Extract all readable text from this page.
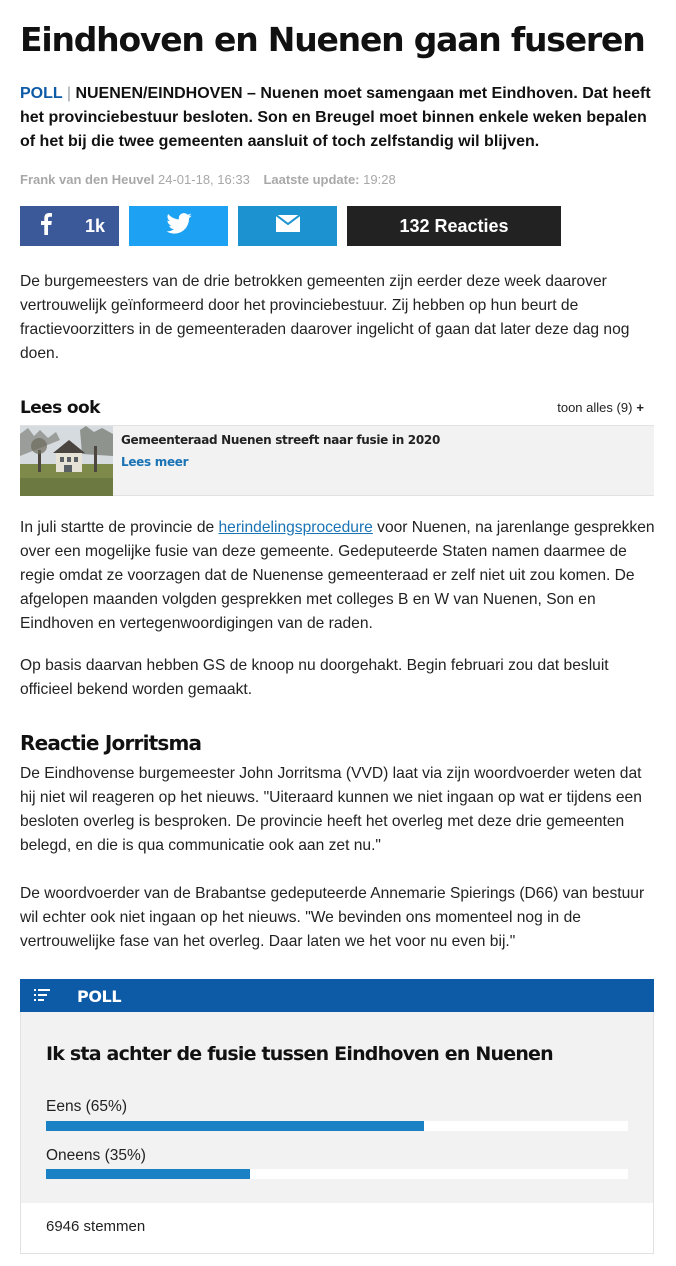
Eindhoven en Nuenen gaan fuseren

POLL | NUENEN/EINDHOVEN – Nuenen moet samengaan met Eindhoven. Dat heeft het provinciebestuur besloten. Son en Breugel moet binnen enkele weken bepalen of het bij die twee gemeenten aansluit of toch zelfstandig wil blijven.

Frank van den Heuvel 24-01-18, 16:33 Laatste update: 19:28
1k	132 Reacties

De burgemeesters van de drie betrokken gemeenten zijn eerder deze week daarover vertrouwelijk geïnformeerd door het provinciebestuur. Zij hebben op hun beurt de fractievoorzitters in de gemeenteraden daarover ingelicht of gaan dat later deze dag nog doen.

Lees ook	toon alles (9) +
Gemeenteraad Nuenen streeft naar fusie in 2020
Lees meer

In juli startte de provincie de herindelingsprocedure voor Nuenen, na jarenlange gesprekken over een mogelijke fusie van deze gemeente. Gedeputeerde Staten namen daarmee de regie omdat ze voorzagen dat de Nuenense gemeenteraad er zelf niet uit zou komen. De afgelopen maanden volgden gesprekken met colleges B en W van Nuenen, Son en Eindhoven en vertegenwoordigingen van de raden.

Op basis daarvan hebben GS de knoop nu doorgehakt. Begin februari zou dat besluit officieel bekend worden gemaakt.

Reactie Jorritsma

De Eindhovense burgemeester John Jorritsma (VVD) laat via zijn woordvoerder weten dat hij niet wil reageren op het nieuws. "Uiteraard kunnen we niet ingaan op wat er tijdens een besloten overleg is besproken. De provincie heeft het overleg met deze drie gemeenten belegd, en die is qua communicatie ook aan zet nu."

De woordvoerder van de Brabantse gedeputeerde Annemarie Spierings (D66) van bestuur wil echter ook niet ingaan op het nieuws. "We bevinden ons momenteel nog in de vertrouwelijke fase van het overleg. Daar laten we het voor nu even bij."

POLL
Ik sta achter de fusie tussen Eindhoven en Nuenen
Eens (65%)
Oneens (35%)
6946 stemmen
